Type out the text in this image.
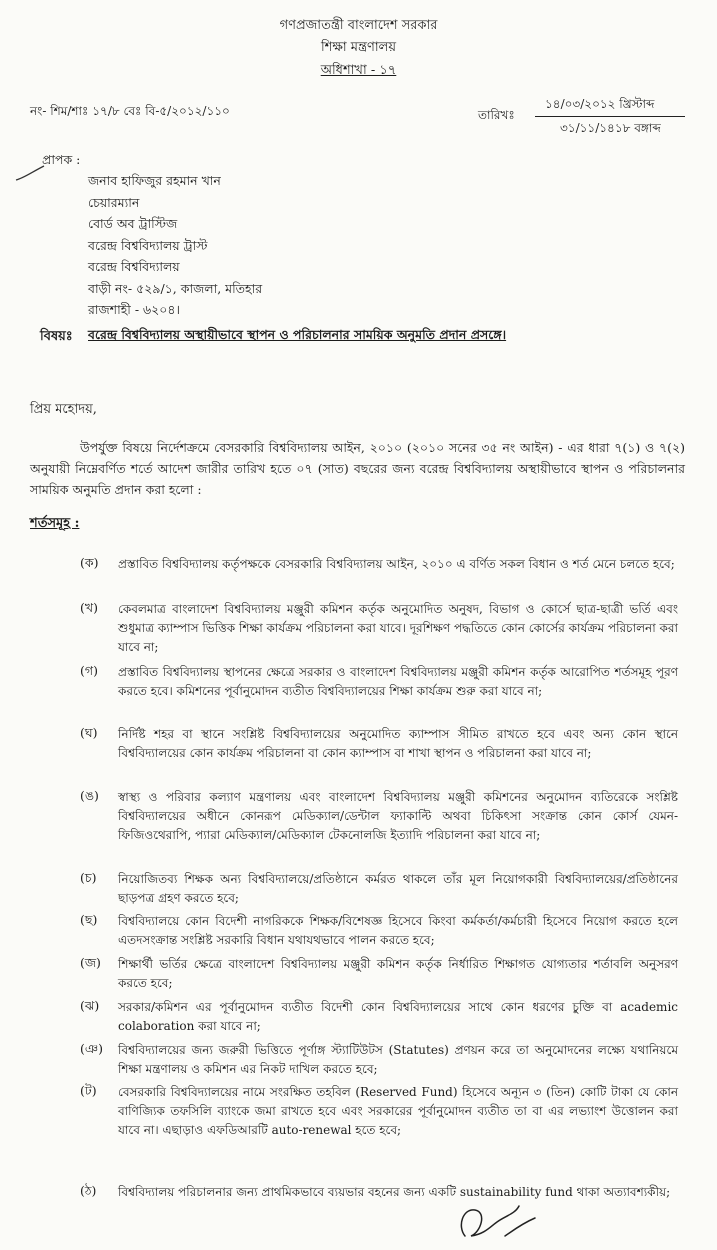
গণপ্রজাতন্ত্রী বাংলাদেশ সরকার
শিক্ষা মন্ত্রণালয়
অধিশাখা - ১৭
নং- শিম/শাঃ ১৭/৮ বেঃ বি-৫/২০১২/১১০	তারিখঃ
১৪/০৩/২০১২ খ্রিস্টাব্দ
৩১/১১/১৪১৮ বঙ্গাব্দ
প্রাপক :
জনাব হাফিজুর রহমান খান
চেয়ারম্যান
বোর্ড অব ট্রাস্টিজ
বরেন্দ্র বিশ্ববিদ্যালয় ট্রাস্ট
বরেন্দ্র বিশ্ববিদ্যালয়
বাড়ী নং- ৫২৯/১, কাজলা, মতিহার
রাজশাহী - ৬২০৪।
বিষয়ঃ বরেন্দ্র বিশ্ববিদ্যালয় অস্থায়ীভাবে স্থাপন ও পরিচালনার সাময়িক অনুমতি প্রদান প্রসঙ্গে।
প্রিয় মহোদয়,
উপর্যুক্ত বিষয়ে নির্দেশক্রমে বেসরকারি বিশ্ববিদ্যালয় আইন, ২০১০ (২০১০ সনের ৩৫ নং আইন) - এর ধারা ৭(১) ও ৭(২) অনুযায়ী নিম্নেবর্ণিত শর্তে আদেশ জারীর তারিখ হতে ০৭ (সাত) বছরের জন্য বরেন্দ্র বিশ্ববিদ্যালয় অস্থায়ীভাবে স্থাপন ও পরিচালনার সাময়িক অনুমতি প্রদান করা হলো :
শর্তসমূহ :
(ক) প্রস্তাবিত বিশ্ববিদ্যালয় কর্তৃপক্ষকে বেসরকারি বিশ্ববিদ্যালয় আইন, ২০১০ এ বর্ণিত সকল বিধান ও শর্ত মেনে চলতে হবে;
(খ) কেবলমাত্র বাংলাদেশ বিশ্ববিদ্যালয় মঞ্জুরী কমিশন কর্তৃক অনুমোদিত অনুষদ, বিভাগ ও কোর্সে ছাত্র-ছাত্রী ভর্তি এবং শুধুমাত্র ক্যাম্পাস ভিত্তিক শিক্ষা কার্যক্রম পরিচালনা করা যাবে। দূরশিক্ষণ পদ্ধতিতে কোন কোর্সের কার্যক্রম পরিচালনা করা যাবে না;
(গ) প্রস্তাবিত বিশ্ববিদ্যালয় স্থাপনের ক্ষেত্রে সরকার ও বাংলাদেশ বিশ্ববিদ্যালয় মঞ্জুরী কমিশন কর্তৃক আরোপিত শর্তসমূহ পূরণ করতে হবে। কমিশনের পূর্বানুমোদন ব্যতীত বিশ্ববিদ্যালয়ের শিক্ষা কার্যক্রম শুরু করা যাবে না;
(ঘ) নির্দিষ্ট শহর বা স্থানে সংশ্লিষ্ট বিশ্ববিদ্যালয়ের অনুমোদিত ক্যাম্পাস সীমিত রাখতে হবে এবং অন্য কোন স্থানে বিশ্ববিদ্যালয়ের কোন কার্যক্রম পরিচালনা বা কোন ক্যাম্পাস বা শাখা স্থাপন ও পরিচালনা করা যাবে না;
(ঙ) স্বাস্থ্য ও পরিবার কল্যাণ মন্ত্রণালয় এবং বাংলাদেশ বিশ্ববিদ্যালয় মঞ্জুরী কমিশনের অনুমোদন ব্যতিরেকে সংশ্লিষ্ট বিশ্ববিদ্যালয়ের অধীনে কোনরূপ মেডিক্যাল/ডেন্টাল ফ্যাকাল্টি অথবা চিকিৎসা সংক্রান্ত কোন কোর্স যেমন-ফিজিওথেরাপি, প্যারা মেডিক্যাল/মেডিক্যাল টেকনোলজি ইত্যাদি পরিচালনা করা যাবে না;
(চ) নিয়োজিতব্য শিক্ষক অন্য বিশ্ববিদ্যালয়ে/প্রতিষ্ঠানে কর্মরত থাকলে তাঁর মূল নিয়োগকারী বিশ্ববিদ্যালয়ের/প্রতিষ্ঠানের ছাড়পত্র গ্রহণ করতে হবে;
(ছ) বিশ্ববিদ্যালয়ে কোন বিদেশী নাগরিককে শিক্ষক/বিশেষজ্ঞ হিসেবে কিংবা কর্মকর্তা/কর্মচারী হিসেবে নিয়োগ করতে হলে এতদসংক্রান্ত সংশ্লিষ্ট সরকারি বিধান যথাযথভাবে পালন করতে হবে;
(জ) শিক্ষার্থী ভর্তির ক্ষেত্রে বাংলাদেশ বিশ্ববিদ্যালয় মঞ্জুরী কমিশন কর্তৃক নির্ধারিত শিক্ষাগত যোগ্যতার শর্তাবলি অনুসরণ করতে হবে;
(ঝ) সরকার/কমিশন এর পূর্বানুমোদন ব্যতীত বিদেশী কোন বিশ্ববিদ্যালয়ের সাথে কোন ধরণের চুক্তি বা academic colaboration করা যাবে না;
(ঞ) বিশ্ববিদ্যালয়ের জন্য জরুরী ভিত্তিতে পূর্ণাঙ্গ স্ট্যাটিউটস (Statutes) প্রণয়ন করে তা অনুমোদনের লক্ষ্যে যথানিয়মে শিক্ষা মন্ত্রণালয় ও কমিশন এর নিকট দাখিল করতে হবে;
(ট) বেসরকারি বিশ্ববিদ্যালয়ের নামে সংরক্ষিত তহবিল (Reserved Fund) হিসেবে অন্যূন ৩ (তিন) কোটি টাকা যে কোন বাণিজ্যিক তফসিলি ব্যাংকে জমা রাখতে হবে এবং সরকারের পূর্বানুমোদন ব্যতীত তা বা এর লভ্যাংশ উত্তোলন করা যাবে না। এছাড়াও এফডিআরটি auto-renewal হতে হবে;
(ঠ) বিশ্ববিদ্যালয় পরিচালনার জন্য প্রাথমিকভাবে ব্যয়ভার বহনের জন্য একটি sustainability fund থাকা অত্যাবশ্যকীয়;
